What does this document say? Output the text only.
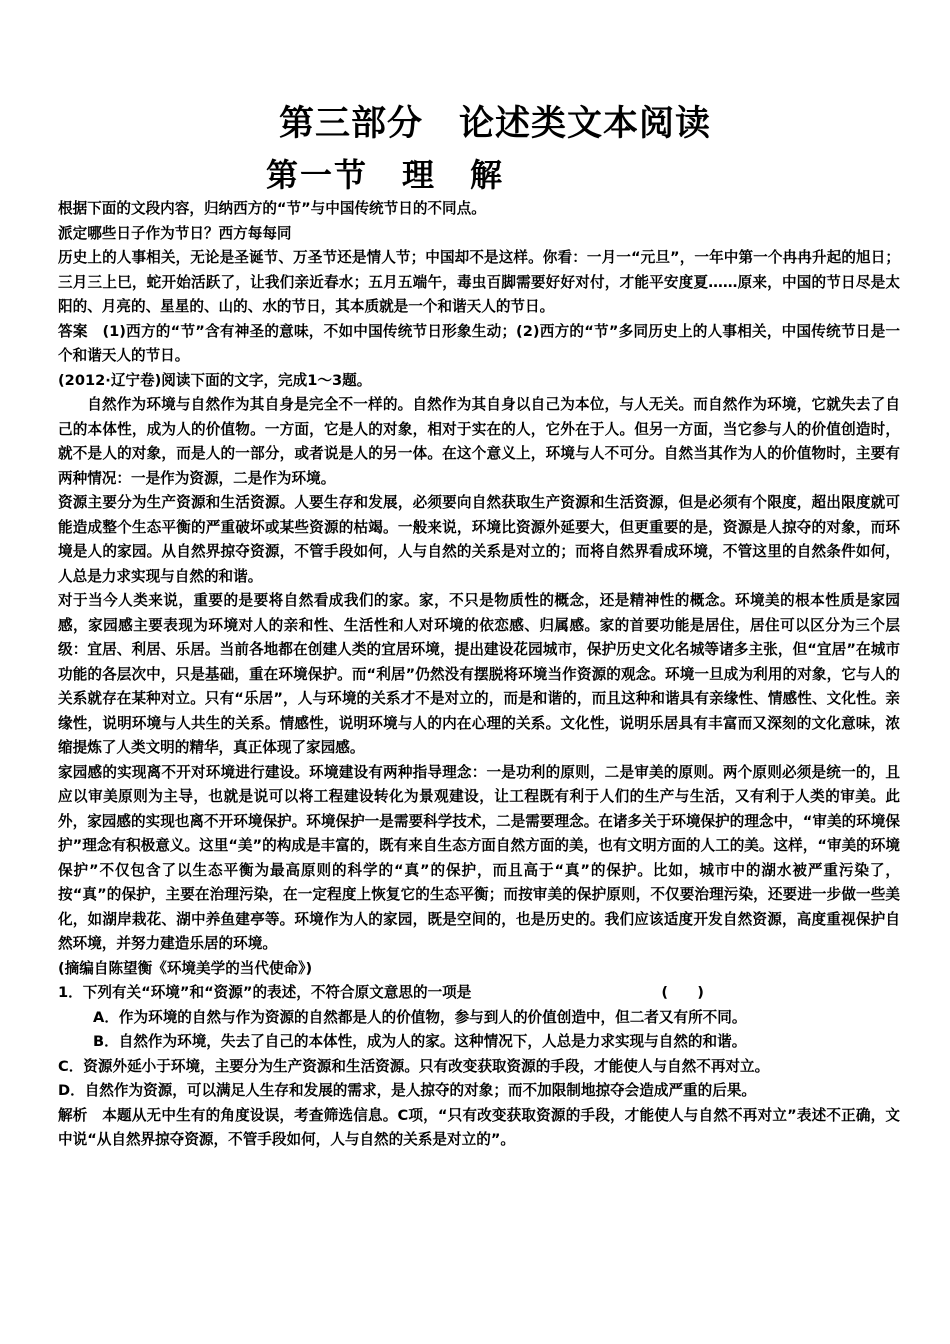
第三部分　论述类文本阅读
第一节　理　解

根据下面的文段内容，归纳西方的“节”与中国传统节日的不同点。

派定哪些日子作为节日？西方每每同

历史上的人事相关，无论是圣诞节、万圣节还是情人节；中国却不是这样。你看：一月一“元旦”，一年中第一个冉冉升起的旭日；三月三上巳，蛇开始活跃了，让我们亲近春水；五月五端午，毒虫百脚需要好好对付，才能平安度夏……原来，中国的节日尽是太阳的、月亮的、星星的、山的、水的节日，其本质就是一个和谐天人的节日。

答案　(1)西方的“节”含有神圣的意味，不如中国传统节日形象生动；(2)西方的“节”多同历史上的人事相关，中国传统节日是一个和谐天人的节日。

(2012·辽宁卷)阅读下面的文字，完成1～3题。

自然作为环境与自然作为其自身是完全不一样的。自然作为其自身以自己为本位，与人无关。而自然作为环境，它就失去了自己的本体性，成为人的价值物。一方面，它是人的对象，相对于实在的人，它外在于人。但另一方面，当它参与人的价值创造时，就不是人的对象，而是人的一部分，或者说是人的另一体。在这个意义上，环境与人不可分。自然当其作为人的价值物时，主要有两种情况：一是作为资源，二是作为环境。

资源主要分为生产资源和生活资源。人要生存和发展，必须要向自然获取生产资源和生活资源，但是必须有个限度，超出限度就可能造成整个生态平衡的严重破坏或某些资源的枯竭。一般来说，环境比资源外延要大，但更重要的是，资源是人掠夺的对象，而环境是人的家园。从自然界掠夺资源，不管手段如何，人与自然的关系是对立的；而将自然界看成环境，不管这里的自然条件如何，人总是力求实现与自然的和谐。

对于当今人类来说，重要的是要将自然看成我们的家。家，不只是物质性的概念，还是精神性的概念。环境美的根本性质是家园感，家园感主要表现为环境对人的亲和性、生活性和人对环境的依恋感、归属感。家的首要功能是居住，居住可以区分为三个层级：宜居、利居、乐居。当前各地都在创建人类的宜居环境，提出建设花园城市，保护历史文化名城等诸多主张，但“宜居”在城市功能的各层次中，只是基础，重在环境保护。而“利居”仍然没有摆脱将环境当作资源的观念。环境一旦成为利用的对象，它与人的关系就存在某种对立。只有“乐居”，人与环境的关系才不是对立的，而是和谐的，而且这种和谐具有亲缘性、情感性、文化性。亲缘性，说明环境与人共生的关系。情感性，说明环境与人的内在心理的关系。文化性，说明乐居具有丰富而又深刻的文化意味，浓缩提炼了人类文明的精华，真正体现了家园感。

家园感的实现离不开对环境进行建设。环境建设有两种指导理念：一是功利的原则，二是审美的原则。两个原则必须是统一的，且应以审美原则为主导，也就是说可以将工程建设转化为景观建设，让工程既有利于人们的生产与生活，又有利于人类的审美。此外，家园感的实现也离不开环境保护。环境保护一是需要科学技术，二是需要理念。在诸多关于环境保护的理念中，“审美的环境保护”理念有积极意义。这里“美”的构成是丰富的，既有来自生态方面自然方面的美，也有文明方面的人工的美。这样，“审美的环境保护”不仅包含了以生态平衡为最高原则的科学的“真”的保护，而且高于“真”的保护。比如，城市中的湖水被严重污染了，按“真”的保护，主要在治理污染，在一定程度上恢复它的生态平衡；而按审美的保护原则，不仅要治理污染，还要进一步做一些美化，如湖岸栽花、湖中养鱼建亭等。环境作为人的家园，既是空间的，也是历史的。我们应该适度开发自然资源，高度重视保护自然环境，并努力建造乐居的环境。

(摘编自陈望衡《环境美学的当代使命》)

1．下列有关“环境”和“资源”的表述，不符合原文意思的一项是	(　　)

A．作为环境的自然与作为资源的自然都是人的价值物，参与到人的价值创造中，但二者又有所不同。

B．自然作为环境，失去了自己的本体性，成为人的家。这种情况下，人总是力求实现与自然的和谐。

C．资源外延小于环境，主要分为生产资源和生活资源。只有改变获取资源的手段，才能使人与自然不再对立。

D．自然作为资源，可以满足人生存和发展的需求，是人掠夺的对象；而不加限制地掠夺会造成严重的后果。

解析　本题从无中生有的角度设误，考查筛选信息。C项，“只有改变获取资源的手段，才能使人与自然不再对立”表述不正确，文中说“从自然界掠夺资源，不管手段如何，人与自然的关系是对立的”。
